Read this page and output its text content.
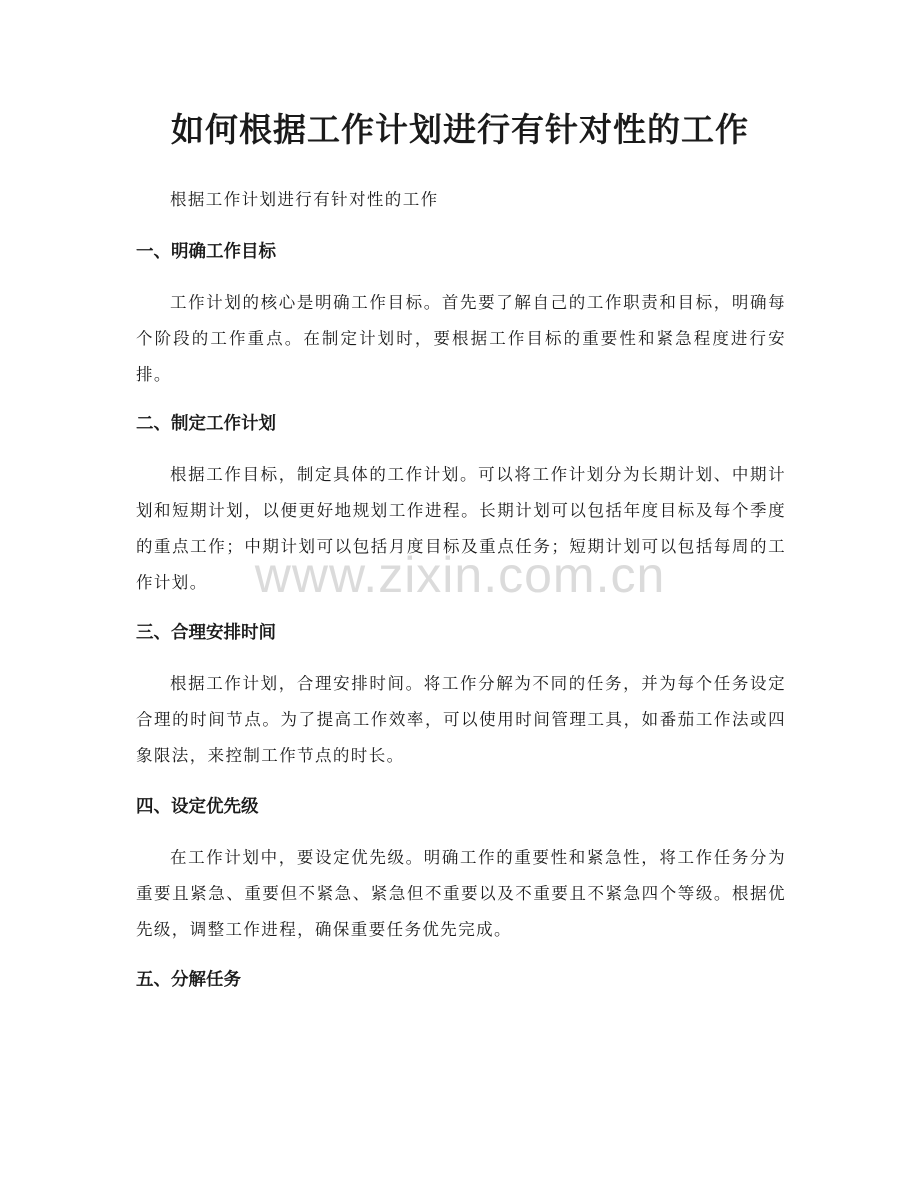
如何根据工作计划进行有针对性的工作

根据工作计划进行有针对性的工作

一、明确工作目标

工作计划的核心是明确工作目标。首先要了解自己的工作职责和目标，明确每个阶段的工作重点。在制定计划时，要根据工作目标的重要性和紧急程度进行安排。

二、制定工作计划

根据工作目标，制定具体的工作计划。可以将工作计划分为长期计划、中期计划和短期计划，以便更好地规划工作进程。长期计划可以包括年度目标及每个季度的重点工作；中期计划可以包括月度目标及重点任务；短期计划可以包括每周的工作计划。

三、合理安排时间

根据工作计划，合理安排时间。将工作分解为不同的任务，并为每个任务设定合理的时间节点。为了提高工作效率，可以使用时间管理工具，如番茄工作法或四象限法，来控制工作节点的时长。

四、设定优先级

在工作计划中，要设定优先级。明确工作的重要性和紧急性，将工作任务分为重要且紧急、重要但不紧急、紧急但不重要以及不重要且不紧急四个等级。根据优先级，调整工作进程，确保重要任务优先完成。

五、分解任务
www.zixin.com.cn
